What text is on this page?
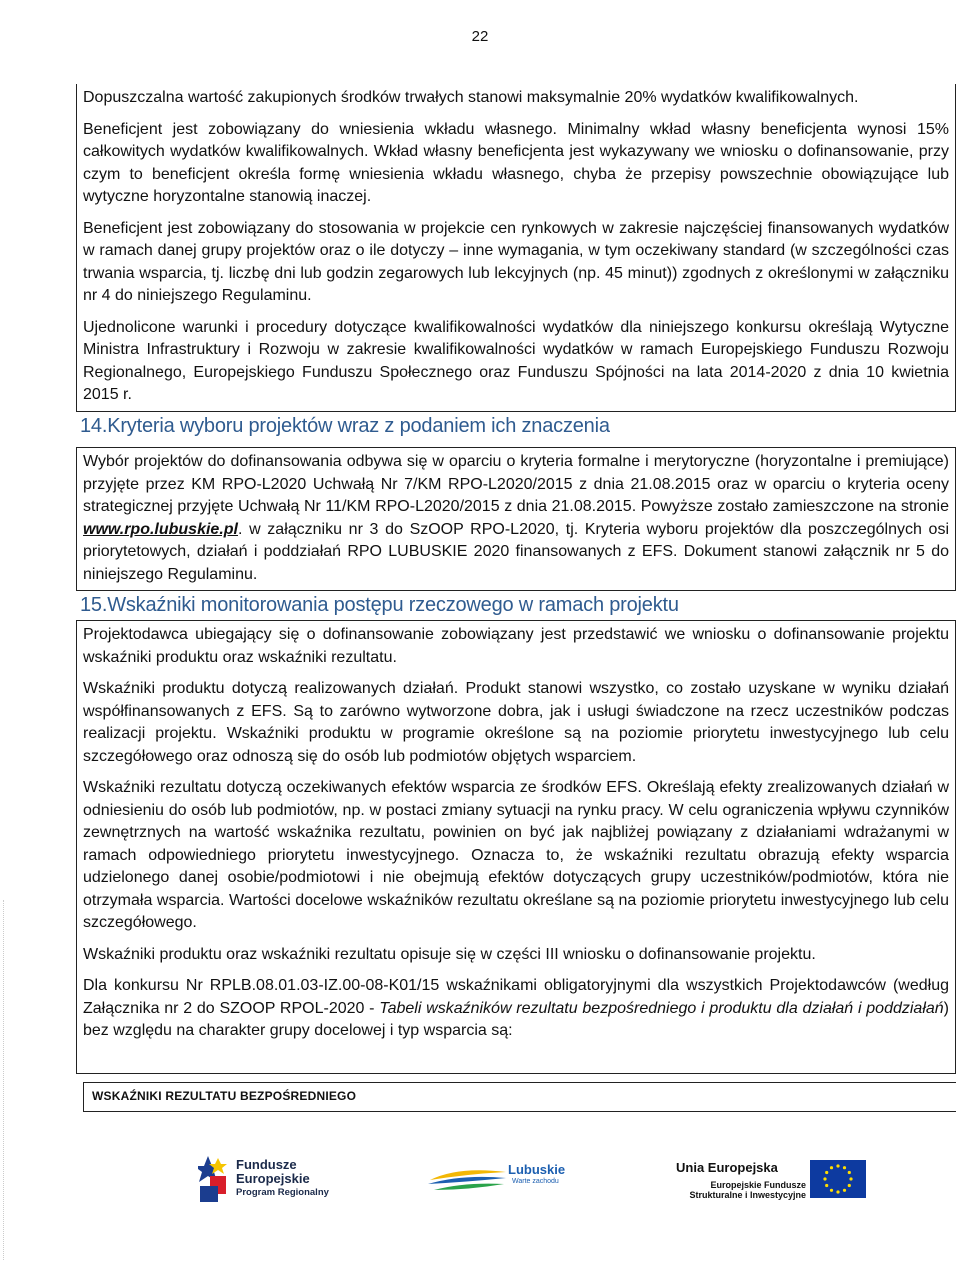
22

Dopuszczalna wartość zakupionych środków trwałych stanowi maksymalnie 20% wydatków kwalifikowalnych.

Beneficjent jest zobowiązany do wniesienia wkładu własnego. Minimalny wkład własny beneficjenta wynosi 15% całkowitych wydatków kwalifikowalnych. Wkład własny beneficjenta jest wykazywany we wniosku o dofinansowanie, przy czym to beneficjent określa formę wniesienia wkładu własnego, chyba że przepisy powszechnie obowiązujące lub wytyczne horyzontalne stanowią inaczej.

Beneficjent jest zobowiązany do stosowania w projekcie cen rynkowych w zakresie najczęściej finansowanych wydatków w ramach danej grupy projektów oraz o ile dotyczy – inne wymagania, w tym oczekiwany standard (w szczególności czas trwania wsparcia, tj. liczbę dni lub godzin zegarowych lub lekcyjnych (np. 45 minut)) zgodnych z określonymi w załączniku nr 4 do niniejszego Regulaminu.

Ujednolicone warunki i procedury dotyczące kwalifikowalności wydatków dla niniejszego konkursu określają Wytyczne Ministra Infrastruktury i Rozwoju w zakresie kwalifikowalności wydatków w ramach Europejskiego Funduszu Rozwoju Regionalnego, Europejskiego Funduszu Społecznego oraz Funduszu Spójności na lata 2014-2020 z dnia 10 kwietnia 2015 r.

14.Kryteria wyboru projektów wraz z podaniem ich znaczenia

Wybór projektów do dofinansowania odbywa się w oparciu o kryteria formalne i merytoryczne (horyzontalne i premiujące) przyjęte przez KM RPO-L2020 Uchwałą Nr 7/KM RPO-L2020/2015 z dnia 21.08.2015 oraz w oparciu o kryteria oceny strategicznej przyjęte Uchwałą Nr 11/KM RPO-L2020/2015 z dnia 21.08.2015. Powyższe zostało zamieszczone na stronie www.rpo.lubuskie.pl. w załączniku nr 3 do SzOOP RPO-L2020, tj. Kryteria wyboru projektów dla poszczególnych osi priorytetowych, działań i poddziałań RPO LUBUSKIE 2020 finansowanych z EFS. Dokument stanowi załącznik nr 5 do niniejszego Regulaminu.

15.Wskaźniki monitorowania postępu rzeczowego w ramach projektu

Projektodawca ubiegający się o dofinansowanie zobowiązany jest przedstawić we wniosku o dofinansowanie projektu wskaźniki produktu oraz wskaźniki rezultatu.

Wskaźniki produktu dotyczą realizowanych działań. Produkt stanowi wszystko, co zostało uzyskane w wyniku działań współfinansowanych z EFS. Są to zarówno wytworzone dobra, jak i usługi świadczone na rzecz uczestników podczas realizacji projektu. Wskaźniki produktu w programie określone są na poziomie priorytetu inwestycyjnego lub celu szczegółowego oraz odnoszą się do osób lub podmiotów objętych wsparciem.

Wskaźniki rezultatu dotyczą oczekiwanych efektów wsparcia ze środków EFS. Określają efekty zrealizowanych działań w odniesieniu do osób lub podmiotów, np. w postaci zmiany sytuacji na rynku pracy. W celu ograniczenia wpływu czynników zewnętrznych na wartość wskaźnika rezultatu, powinien on być jak najbliżej powiązany z działaniami wdrażanymi w ramach odpowiedniego priorytetu inwestycyjnego. Oznacza to, że wskaźniki rezultatu obrazują efekty wsparcia udzielonego danej osobie/podmiotowi i nie obejmują efektów dotyczących grupy uczestników/podmiotów, która nie otrzymała wsparcia. Wartości docelowe wskaźników rezultatu określane są na poziomie priorytetu inwestycyjnego lub celu szczegółowego.

Wskaźniki produktu oraz wskaźniki rezultatu opisuje się w części III wniosku o dofinansowanie projektu.

Dla konkursu Nr RPLB.08.01.03-IZ.00-08-K01/15 wskaźnikami obligatoryjnymi dla wszystkich Projektodawców (według Załącznika nr 2 do SZOOP RPOL-2020 - Tabeli wskaźników rezultatu bezpośredniego i produktu dla działań i poddziałań) bez względu na charakter grupy docelowej i typ wsparcia są:

WSKAŹNIKI REZULTATU BEZPOŚREDNIEGO
Fundusze
Europejskie
Program Regionalny
Lubuskie
Warte zachodu
Unia Europejska
Europejskie Fundusze
Strukturalne i Inwestycyjne
